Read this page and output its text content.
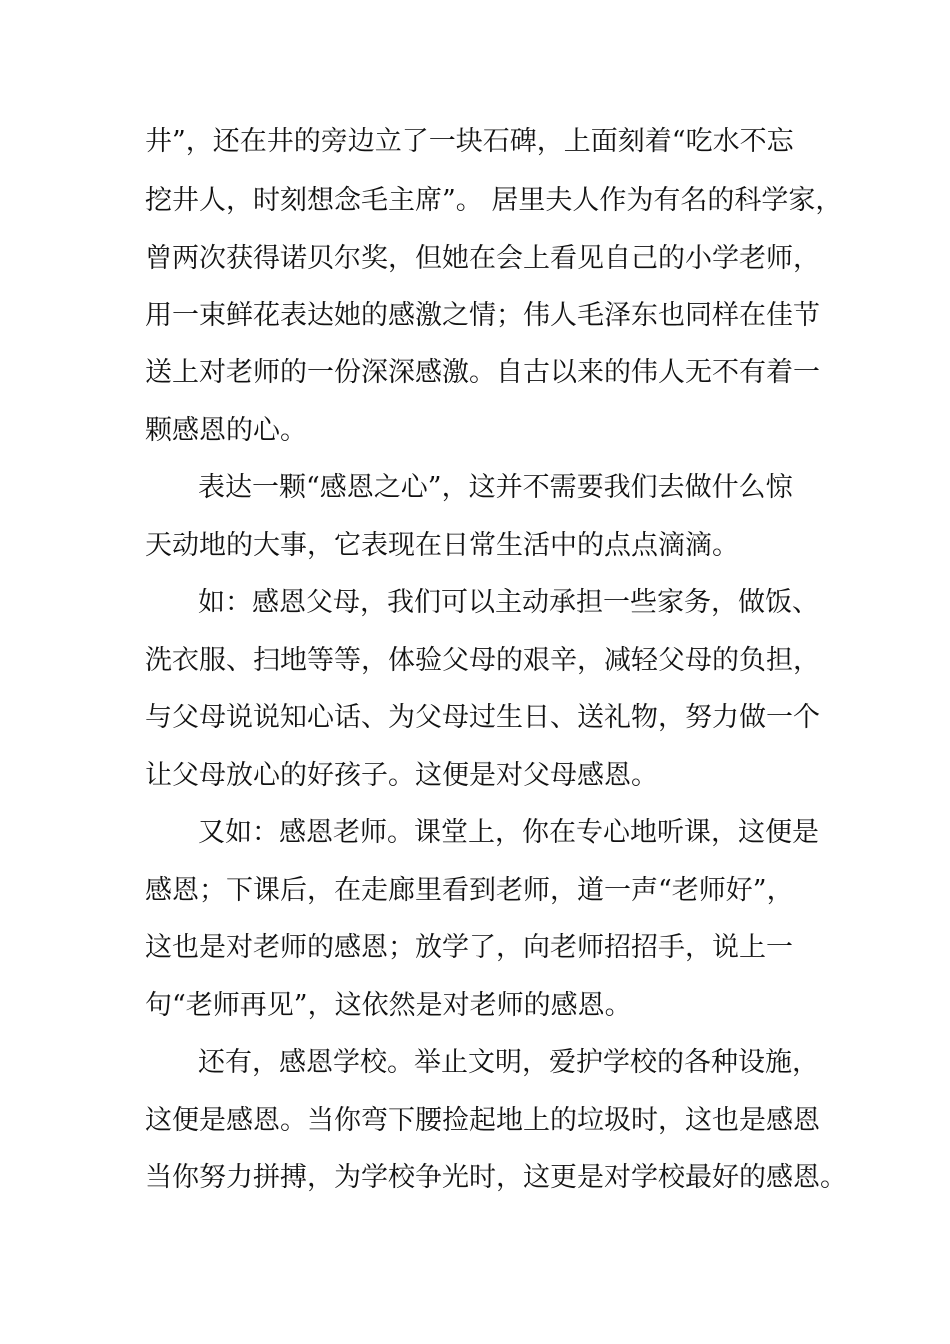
井”，还在井的旁边立了一块石碑，上面刻着“吃水不忘
挖井人，时刻想念毛主席”。 居里夫人作为有名的科学家，
曾两次获得诺贝尔奖，但她在会上看见自己的小学老师，
用一束鲜花表达她的感激之情；伟人毛泽东也同样在佳节
送上对老师的一份深深感激。自古以来的伟人无不有着一
颗感恩的心。
表达一颗“感恩之心”，这并不需要我们去做什么惊
天动地的大事，它表现在日常生活中的点点滴滴。
如：感恩父母，我们可以主动承担一些家务，做饭、
洗衣服、扫地等等，体验父母的艰辛，减轻父母的负担，
与父母说说知心话、为父母过生日、送礼物，努力做一个
让父母放心的好孩子。这便是对父母感恩。
又如：感恩老师。课堂上，你在专心地听课，这便是
感恩；下课后，在走廊里看到老师，道一声“老师好”，
这也是对老师的感恩；放学了，向老师招招手，说上一
句“老师再见”，这依然是对老师的感恩。
还有，感恩学校。举止文明，爱护学校的各种设施，
这便是感恩。当你弯下腰捡起地上的垃圾时，这也是感恩
当你努力拼搏，为学校争光时，这更是对学校最好的感恩。
